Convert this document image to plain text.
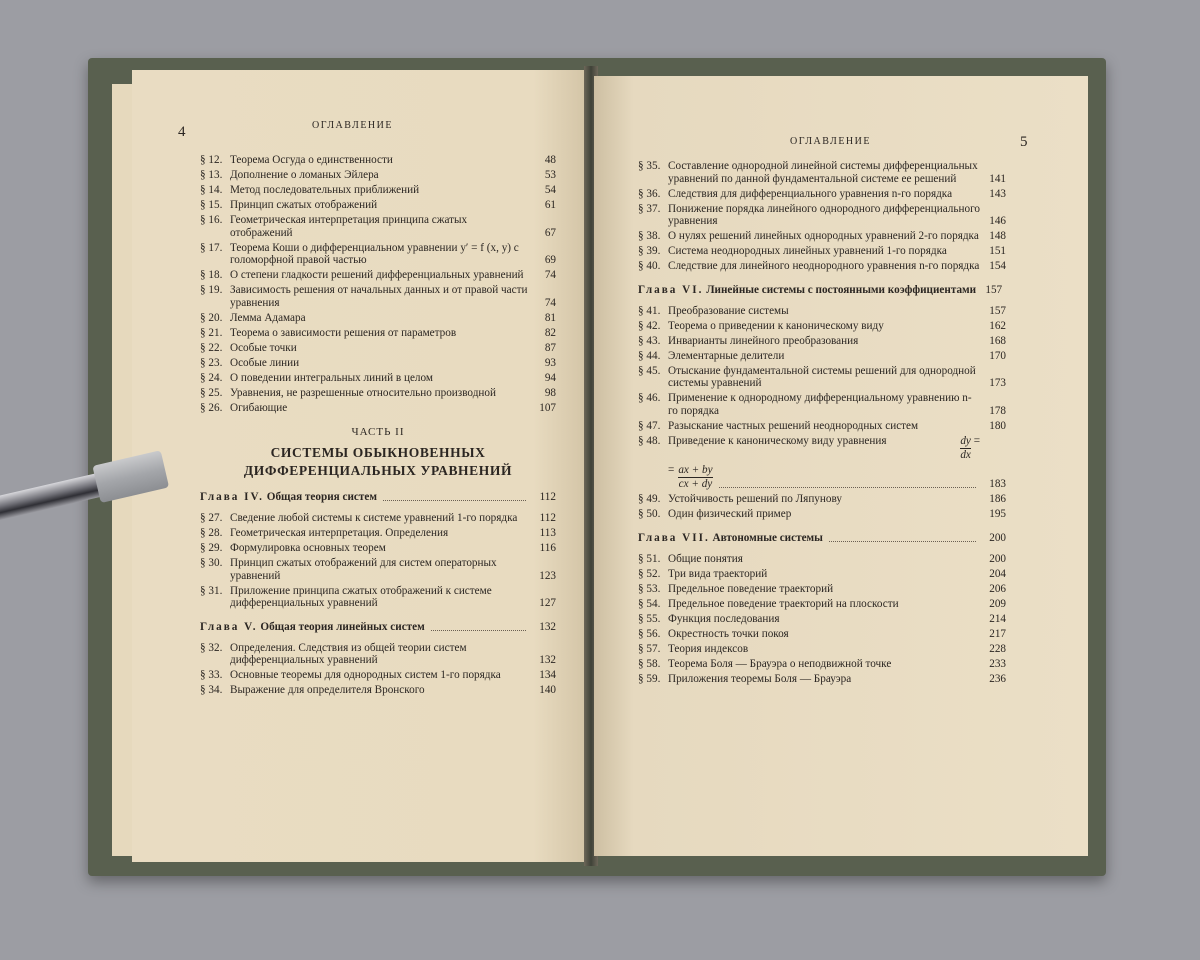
4	ОГЛАВЛЕНИЕ
§ 12. Теорема Осгуда о единственности	48
§ 13. Дополнение о ломаных Эйлера	53
§ 14. Метод последовательных приближений	54
§ 15. Принцип сжатых отображений	61
§ 16. Геометрическая интерпретация принципа сжатых отображений	67
§ 17. Теорема Коши о дифференциальном уравнении y′ = f (x, y) с голоморфной правой частью	69
§ 18. О степени гладкости решений дифференциальных уравнений	74
§ 19. Зависимость решения от начальных данных и от правой части уравнения	74
§ 20. Лемма Адамара	81
§ 21. Теорема о зависимости решения от параметров	82
§ 22. Особые точки	87
§ 23. Особые линии	93
§ 24. О поведении интегральных линий в целом	94
§ 25. Уравнения, не разрешенные относительно производной	98
§ 26. Огибающие	107
ЧАСТЬ II
СИСТЕМЫ ОБЫКНОВЕННЫХ ДИФФЕРЕНЦИАЛЬНЫХ УРАВНЕНИЙ
Глава IV.
Общая теория систем	112
§ 27. Сведение любой системы к системе уравнений 1-го порядка	112
§ 28. Геометрическая интерпретация. Определения	113
§ 29. Формулировка основных теорем	116
§ 30. Принцип сжатых отображений для систем операторных уравнений	123
§ 31. Приложение принципа сжатых отображений к системе дифференциальных уравнений	127
Глава V.
Общая теория линейных систем	132
§ 32. Определения. Следствия из общей теории систем дифференциальных уравнений	132
§ 33. Основные теоремы для однородных систем 1-го порядка	134
§ 34. Выражение для определителя Вронского	140
5
ОГЛАВЛЕНИЕ
§ 35. Составление однородной линейной системы дифференциальных уравнений по данной фундаментальной системе ее решений	141
§ 36. Следствия для дифференциального уравнения n-го порядка	143
§ 37. Понижение порядка линейного однородного дифференциального уравнения	146
§ 38. О нулях решений линейных однородных уравнений 2-го порядка 148
§ 39. Система неоднородных линейных уравнений 1-го порядка	151
§ 40. Следствие для линейного неоднородного уравнения n-го порядка 154
Глава VI.
Линейные системы с постоянными коэффициентами 157
§ 41. Преобразование системы	157
§ 42. Теорема о приведении к каноническому виду	162
§ 43. Инварианты линейного преобразования	168
§ 44. Элементарные делители	170
§ 45. Отыскание фундаментальной системы решений для однородной системы уравнений	173
§ 46. Применение к однородному дифференциальному уравнению n-го порядка	178
§ 47. Разыскание частных решений неоднородных систем	180
§ 48. Приведение к каноническому виду уравнения	$\frac{dy}{dx}$
=
= $\frac{ax + by}{cx + dy}$	183
§ 49. Устойчивость решений по Ляпунову	186
§ 50. Один физический пример	195
Глава VII.
Автономные системы	200
§ 51. Общие понятия	200
§ 52. Три вида траекторий	204
§ 53. Предельное поведение траекторий	206
§ 54. Предельное поведение траекторий на плоскости	209
§ 55. Функция последования	214
§ 56. Окрестность точки покоя	217
§ 57. Теория индексов	228
§ 58. Теорема Боля — Брауэра о неподвижной точке	233
§ 59. Приложения теоремы Боля — Брауэра	236
